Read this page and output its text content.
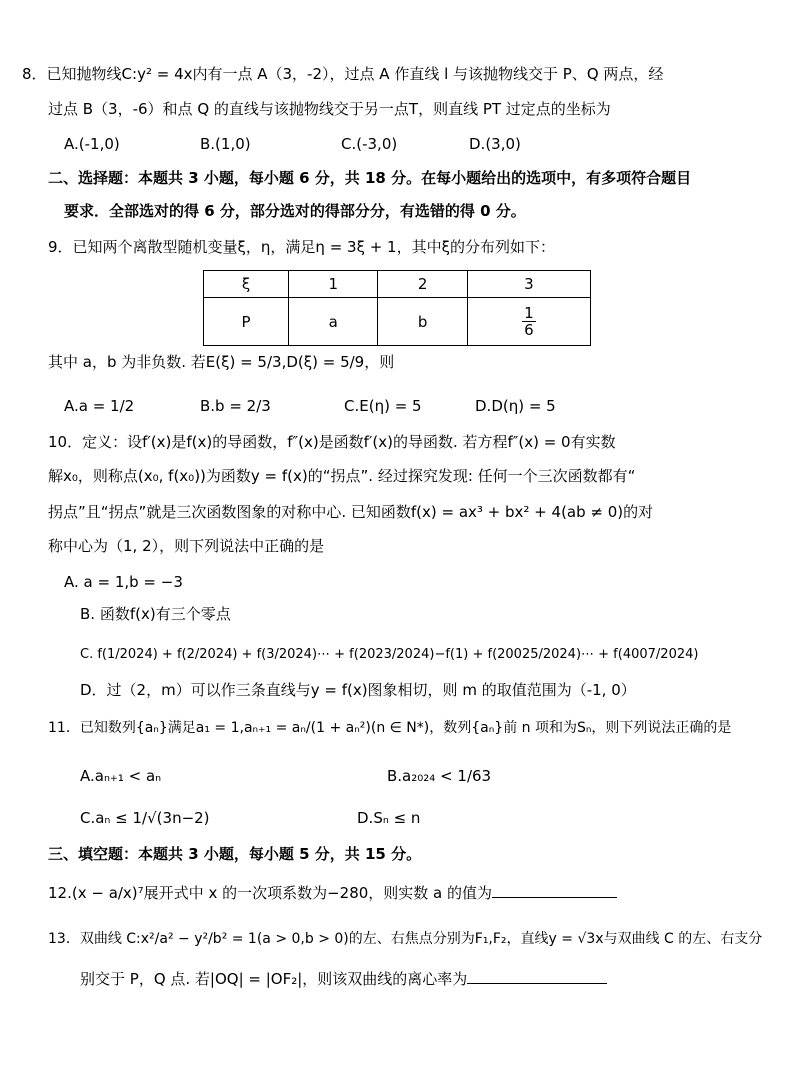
8．已知抛物线C:y² = 4x内有一点 A（3，-2），过点 A 作直线 l 与该抛物线交于 P、Q 两点，经
过点 B（3，-6）和点 Q 的直线与该抛物线交于另一点T，则直线 PT 过定点的坐标为
A.(-1,0)	B.(1,0)	C.(-3,0)	D.(3,0)
二、选择题：本题共 3 小题，每小题 6 分，共 18 分。在每小题给出的选项中，有多项符合题目
要求．全部选对的得 6 分，部分选对的得部分分，有选错的得 0 分。
9．已知两个离散型随机变量ξ，η，满足η = 3ξ + 1，其中ξ的分布列如下：
ξ	1	2	3
P	a	b	$\frac{1}{6}$
其中 a，b 为非负数. 若E(ξ) = 5/3,D(ξ) = 5/9，则
A.a = 1/2	B.b = 2/3	C.E(η) = 5	D.D(η) = 5
10．定义：设f′(x)是f(x)的导函数，f″(x)是函数f′(x)的导函数. 若方程f″(x) = 0有实数
解x₀，则称点(x₀, f(x₀))为函数y = f(x)的“拐点”. 经过探究发现: 任何一个三次函数都有“
拐点”且“拐点”就是三次函数图象的对称中心. 已知函数f(x) = ax³ + bx² + 4(ab ≠ 0)的对
称中心为（1, 2），则下列说法中正确的是
A. a = 1,b = −3
B. 函数f(x)有三个零点
C. f(1/2024) + f(2/2024) + f(3/2024)⋯ + f(2023/2024)−f(1) + f(20025/2024)⋯ + f(4007/2024)
D．过（2，m）可以作三条直线与y = f(x)图象相切，则 m 的取值范围为（-1, 0）
11．已知数列{aₙ}满足a₁ = 1,aₙ₊₁ = aₙ/(1 + aₙ²)(n ∈ N*)，数列{aₙ}前 n 项和为Sₙ，则下列说法正确的是
A.aₙ₊₁ < aₙ	B.a₂₀₂₄ < 1/63
C.aₙ ≤ 1/√(3n−2)	D.Sₙ ≤ n
三、填空题：本题共 3 小题，每小题 5 分，共 15 分。
12.(x − a/x)⁷展开式中 x 的一次项系数为−280，则实数 a 的值为
13．双曲线 C:x²/a² − y²/b² = 1(a > 0,b > 0)的左、右焦点分别为F₁,F₂，直线y = √3x与双曲线 C 的左、右支分
别交于 P，Q 点. 若|OQ| = |OF₂|，则该双曲线的离心率为
